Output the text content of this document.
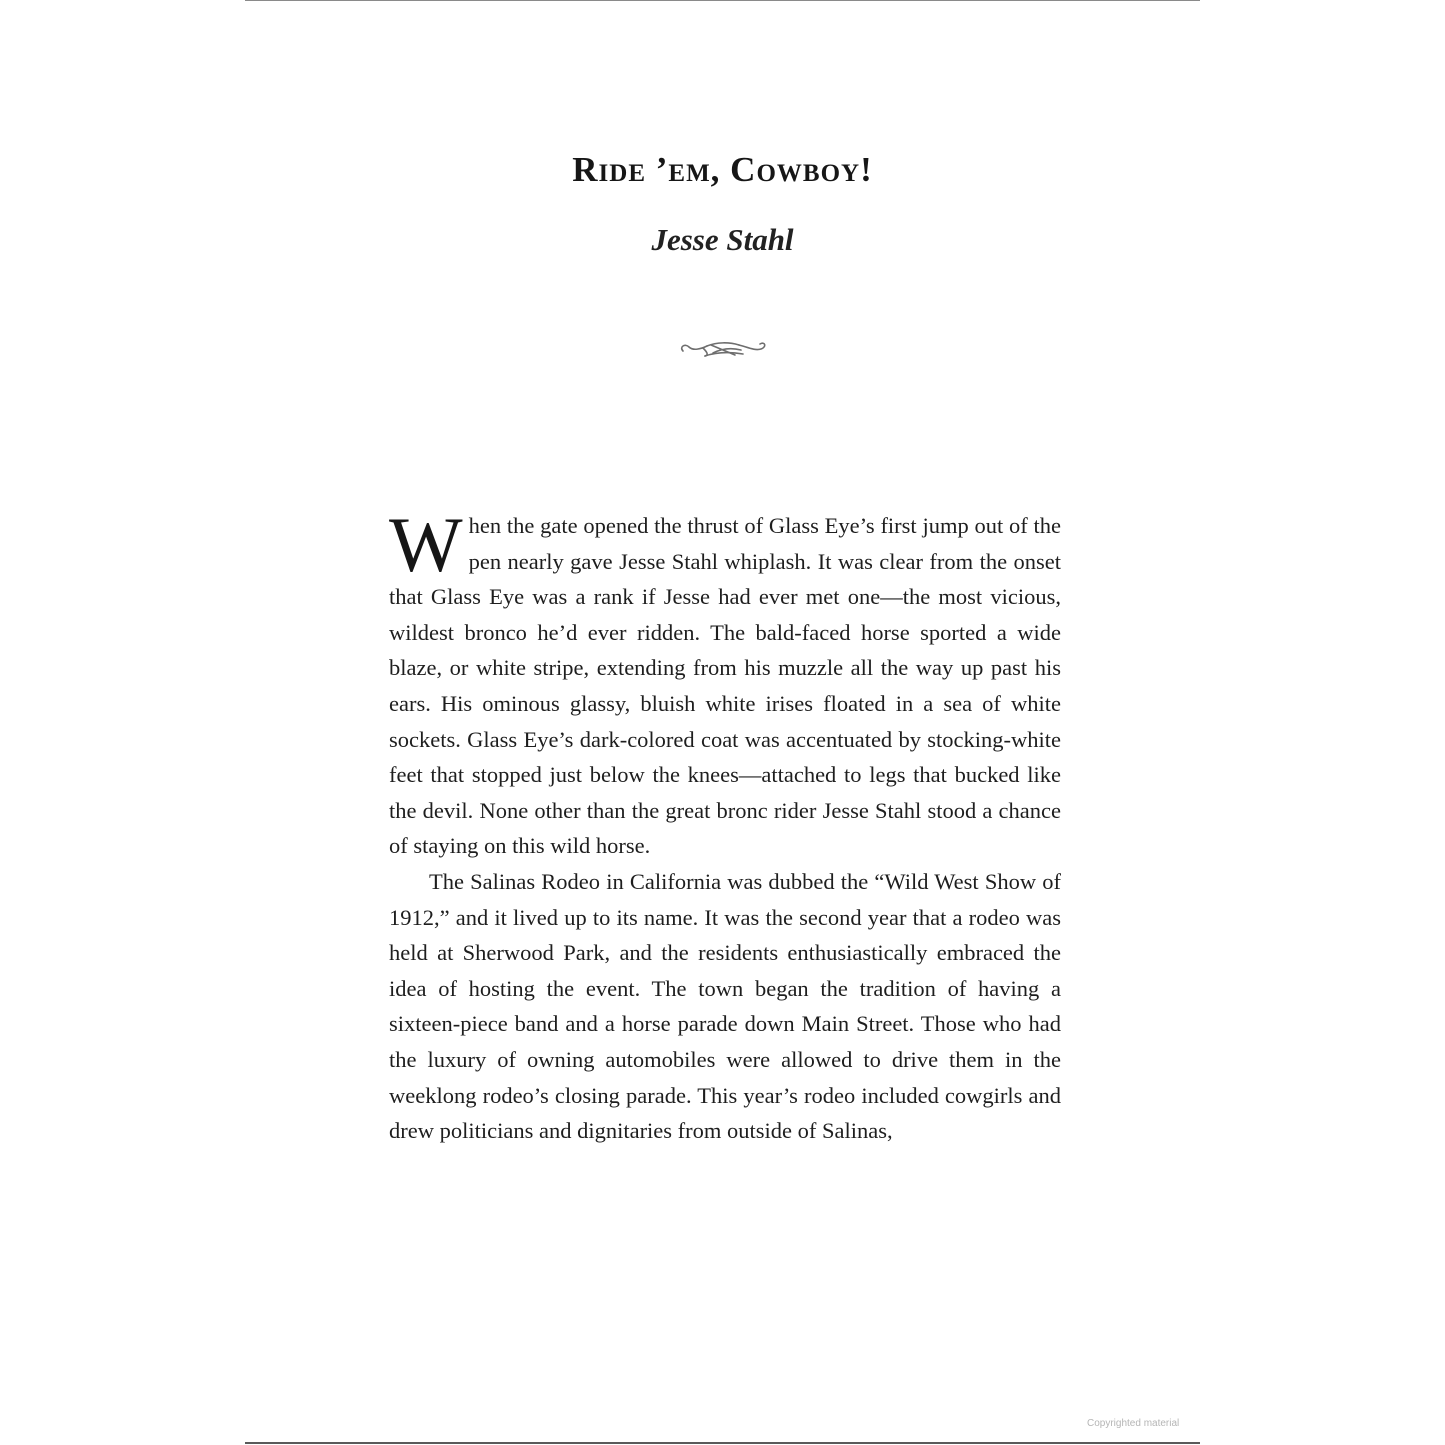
Ride ’em, Cowboy!
Jesse Stahl

When the gate opened the thrust of Glass Eye’s first jump out of the pen nearly gave Jesse Stahl whiplash. It was clear from the onset that Glass Eye was a rank if Jesse had ever met one—the most vicious, wildest bronco he’d ever ridden. The bald-faced horse sported a wide blaze, or white stripe, extending from his muzzle all the way up past his ears. His ominous glassy, bluish white irises floated in a sea of white sockets. Glass Eye’s dark-colored coat was accentuated by stocking-white feet that stopped just below the knees—attached to legs that bucked like the devil. None other than the great bronc rider Jesse Stahl stood a chance of staying on this wild horse.

The Salinas Rodeo in California was dubbed the “Wild West Show of 1912,” and it lived up to its name. It was the second year that a rodeo was held at Sherwood Park, and the residents enthusiastically embraced the idea of hosting the event. The town began the tradition of having a sixteen-piece band and a horse parade down Main Street. Those who had the luxury of owning automobiles were allowed to drive them in the weeklong rodeo’s closing parade. This year’s rodeo included cowgirls and drew politicians and dignitaries from outside of Salinas,

Copyrighted material
